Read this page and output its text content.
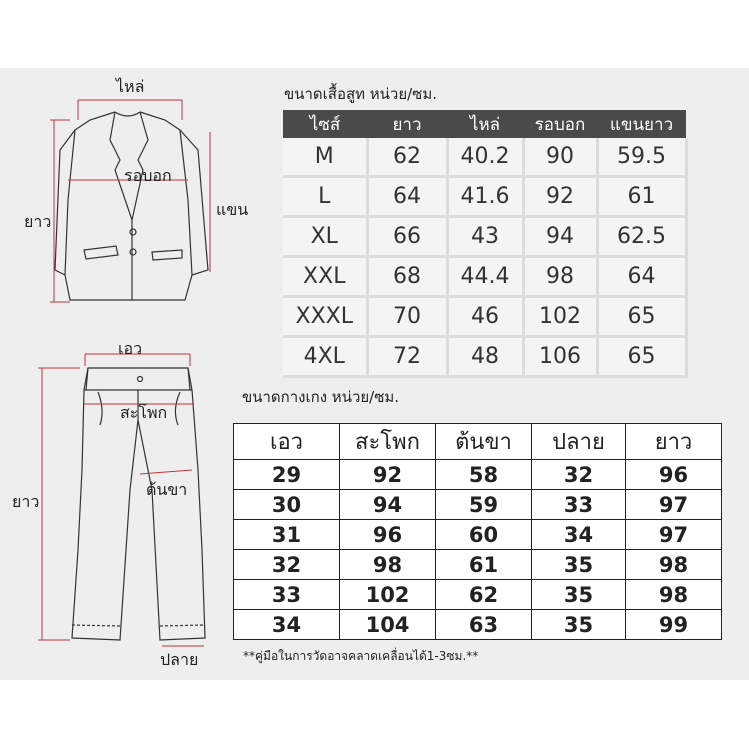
ไหล่
รอบอก
ยาว
แขน
ขนาดเสื้อสูท หน่วย/ซม.
ไซส์	ยาว	ไหล่	รอบอก	แขนยาว
M	62	40.2	90	59.5
L	64	41.6	92	61
XL	66	43	94	62.5
XXL	68	44.4	98	64
XXXL	70	46	102	65
4XL	72	48	106	65
เอว
สะโพก
ยาว
ต้นขา
ปลาย
ขนาดกางเกง หน่วย/ซม.
เอว	สะโพก	ต้นขา	ปลาย	ยาว
29	92	58	32	96
30	94	59	33	97
31	96	60	34	97
32	98	61	35	98
33	102	62	35	98
34	104	63	35	99
**คู่มือในการวัดอาจคลาดเคลื่อนได้1-3ซม.**
